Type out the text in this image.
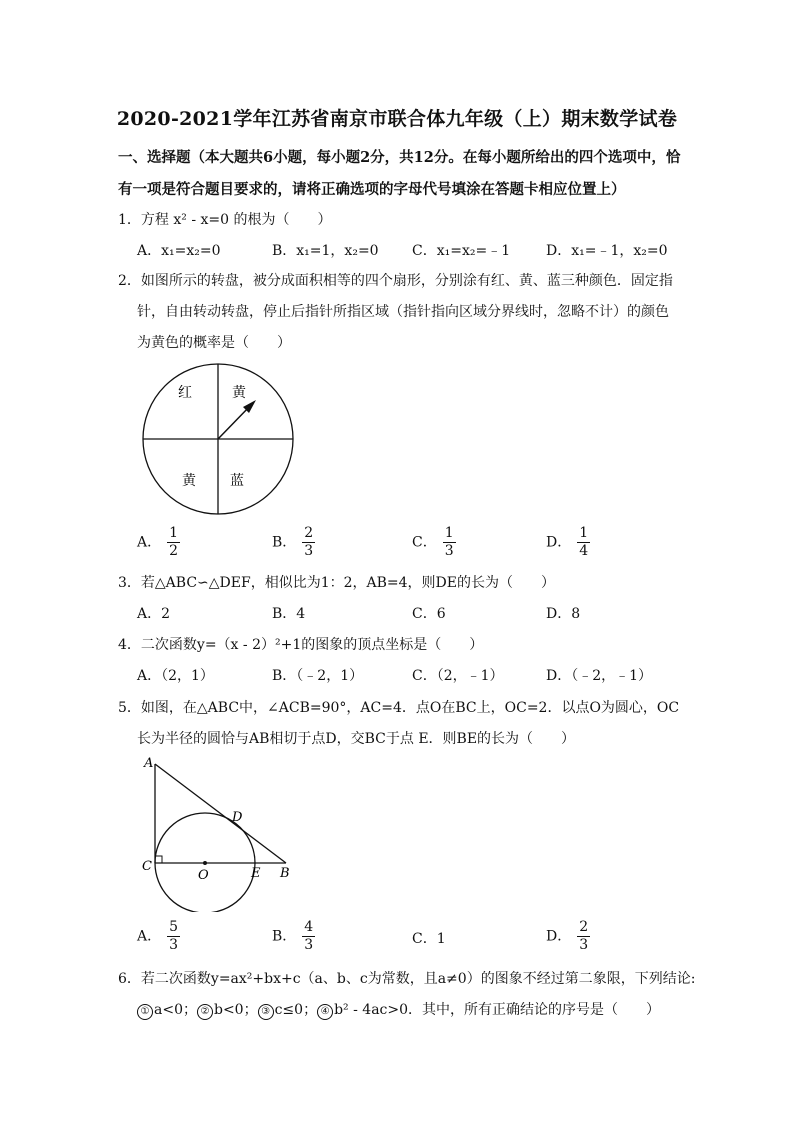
2020-2021学年江苏省南京市联合体九年级（上）期末数学试卷
一、选择题（本大题共6小题，每小题2分，共12分。在每小题所给出的四个选项中，恰
有一项是符合题目要求的，请将正确选项的字母代号填涂在答题卡相应位置上）
1．方程 x² - x=0 的根为（　　）
A．x₁=x₂=0	B．x₁=1，x₂=0 C．x₁=x₂=﹣1	D．x₁=﹣1，x₂=0
2．如图所示的转盘，被分成面积相等的四个扇形，分别涂有红、黄、蓝三种颜色．固定指
针，自由转动转盘，停止后指针所指区域（指针指向区域分界线时，忽略不计）的颜色
为黄色的概率是（　　）
红	黄
黄 蓝
A． $\frac{1}{2}$	B． $\frac{2}{3}$	C． $\frac{1}{3}$	D． $\frac{1}{4}$
3．若△ABC∽△DEF，相似比为1：2，AB=4，则DE的长为（　　）
A．2	B．4	C．6	D．8
4．二次函数y=（x - 2）²+1的图象的顶点坐标是（　　）
A．（2，1）	B．（﹣2，1）	C．（2，﹣1）	D．（﹣2，﹣1）
5．如图，在△ABC中，∠ACB=90°，AC=4．点O在BC上，OC=2．以点O为圆心，OC
长为半径的圆恰与AB相切于点D，交BC于点 E．则BE的长为（　　）
A
D
C
O	E B
A． $\frac{5}{3}$	B． $\frac{4}{3}$	C．1	D． $\frac{2}{3}$
6．若二次函数y=ax²+bx+c（a、b、c为常数，且a≠0）的图象不经过第二象限，下列结论:
① a<0； ② b<0； ③ c≤0； ④ b² - 4ac>0．其中，所有正确结论的序号是（　　）
